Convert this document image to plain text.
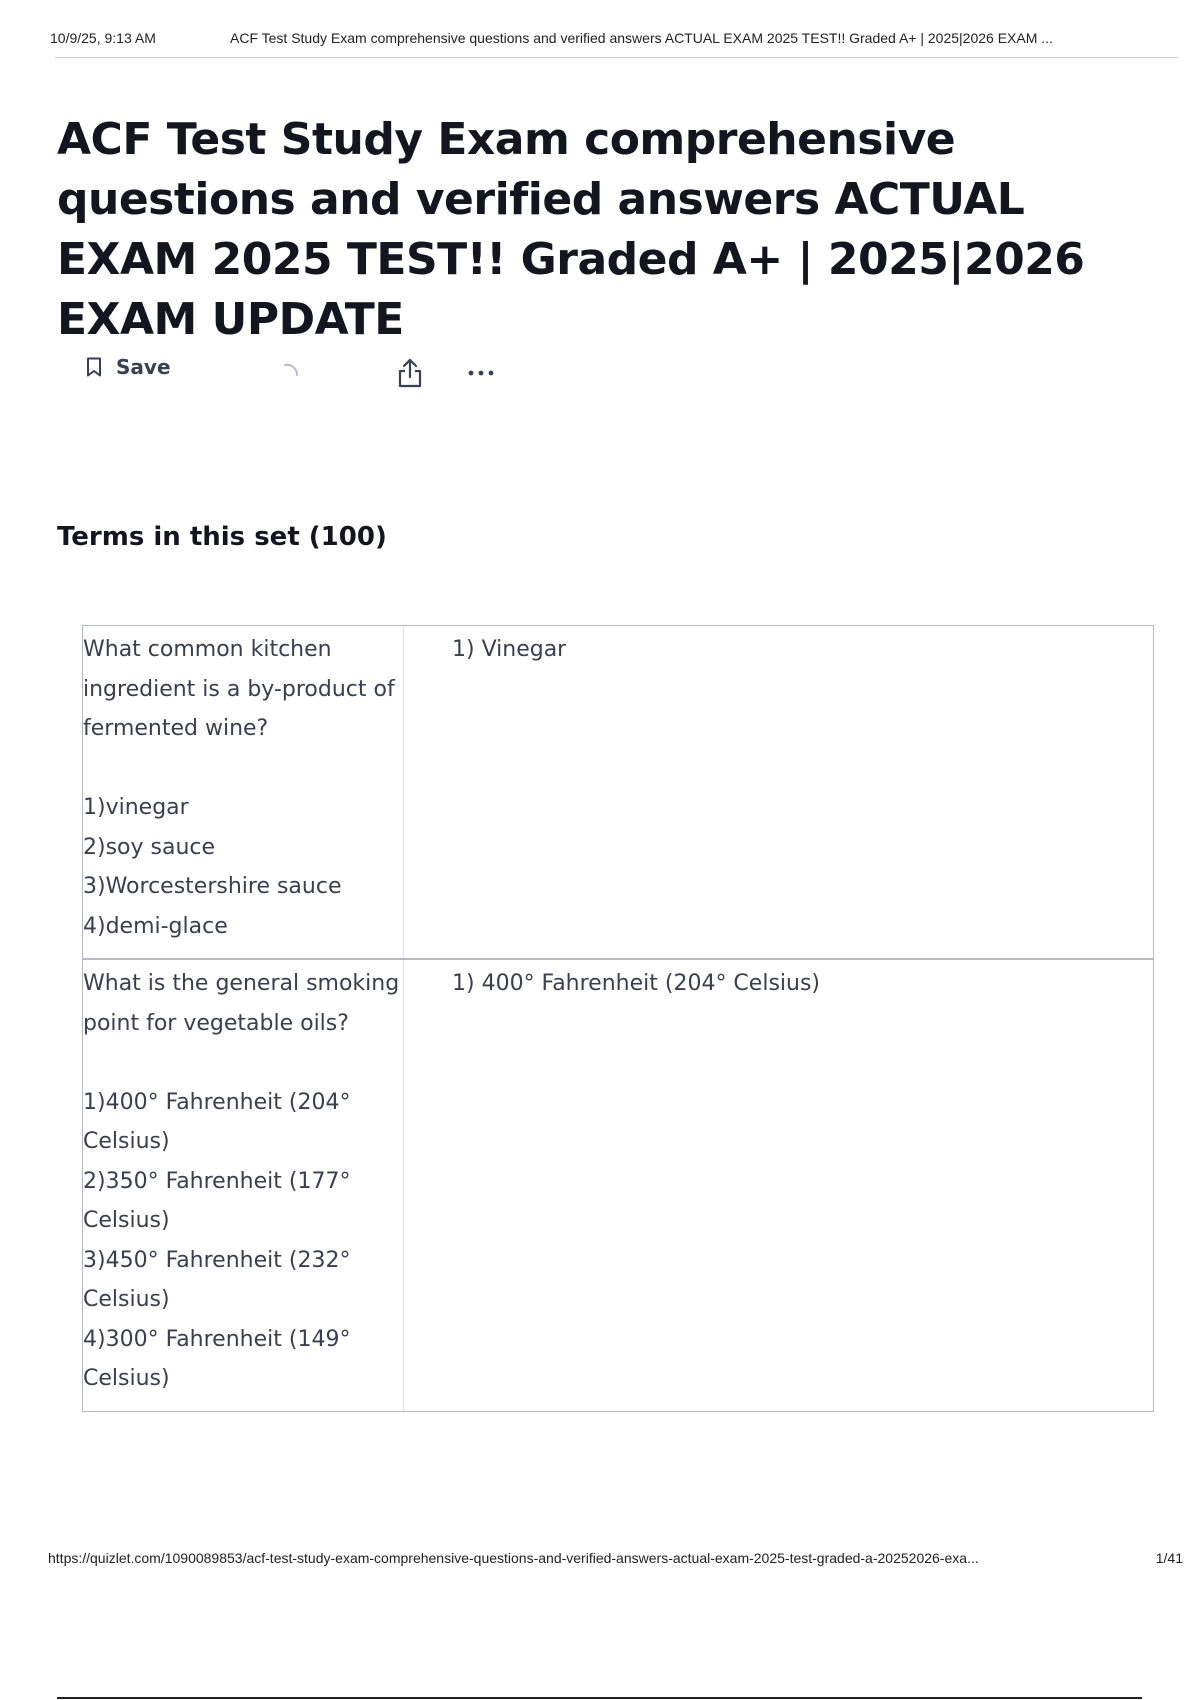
10/9/25, 9:13 AM	ACF Test Study Exam comprehensive questions and verified answers ACTUAL EXAM 2025 TEST!! Graded A+ | 2025|2026 EXAM ...
ACF Test Study Exam comprehensive questions and verified answers ACTUAL EXAM 2025 TEST!! Graded A+ | 2025|2026 EXAM UPDATE
Save
Terms in this set (100)
What common kitchen ingredient is a by-product of fermented wine?

1)vinegar
2)soy sauce
3)Worcestershire sauce
4)demi-glace
1) Vinegar
What is the general smoking point for vegetable oils?

1)400° Fahrenheit (204° Celsius)
2)350° Fahrenheit (177° Celsius)
3)450° Fahrenheit (232° Celsius)
4)300° Fahrenheit (149° Celsius)
1) 400° Fahrenheit (204° Celsius)
https://quizlet.com/1090089853/acf-test-study-exam-comprehensive-questions-and-verified-answers-actual-exam-2025-test-graded-a-20252026-exa...	1/41
